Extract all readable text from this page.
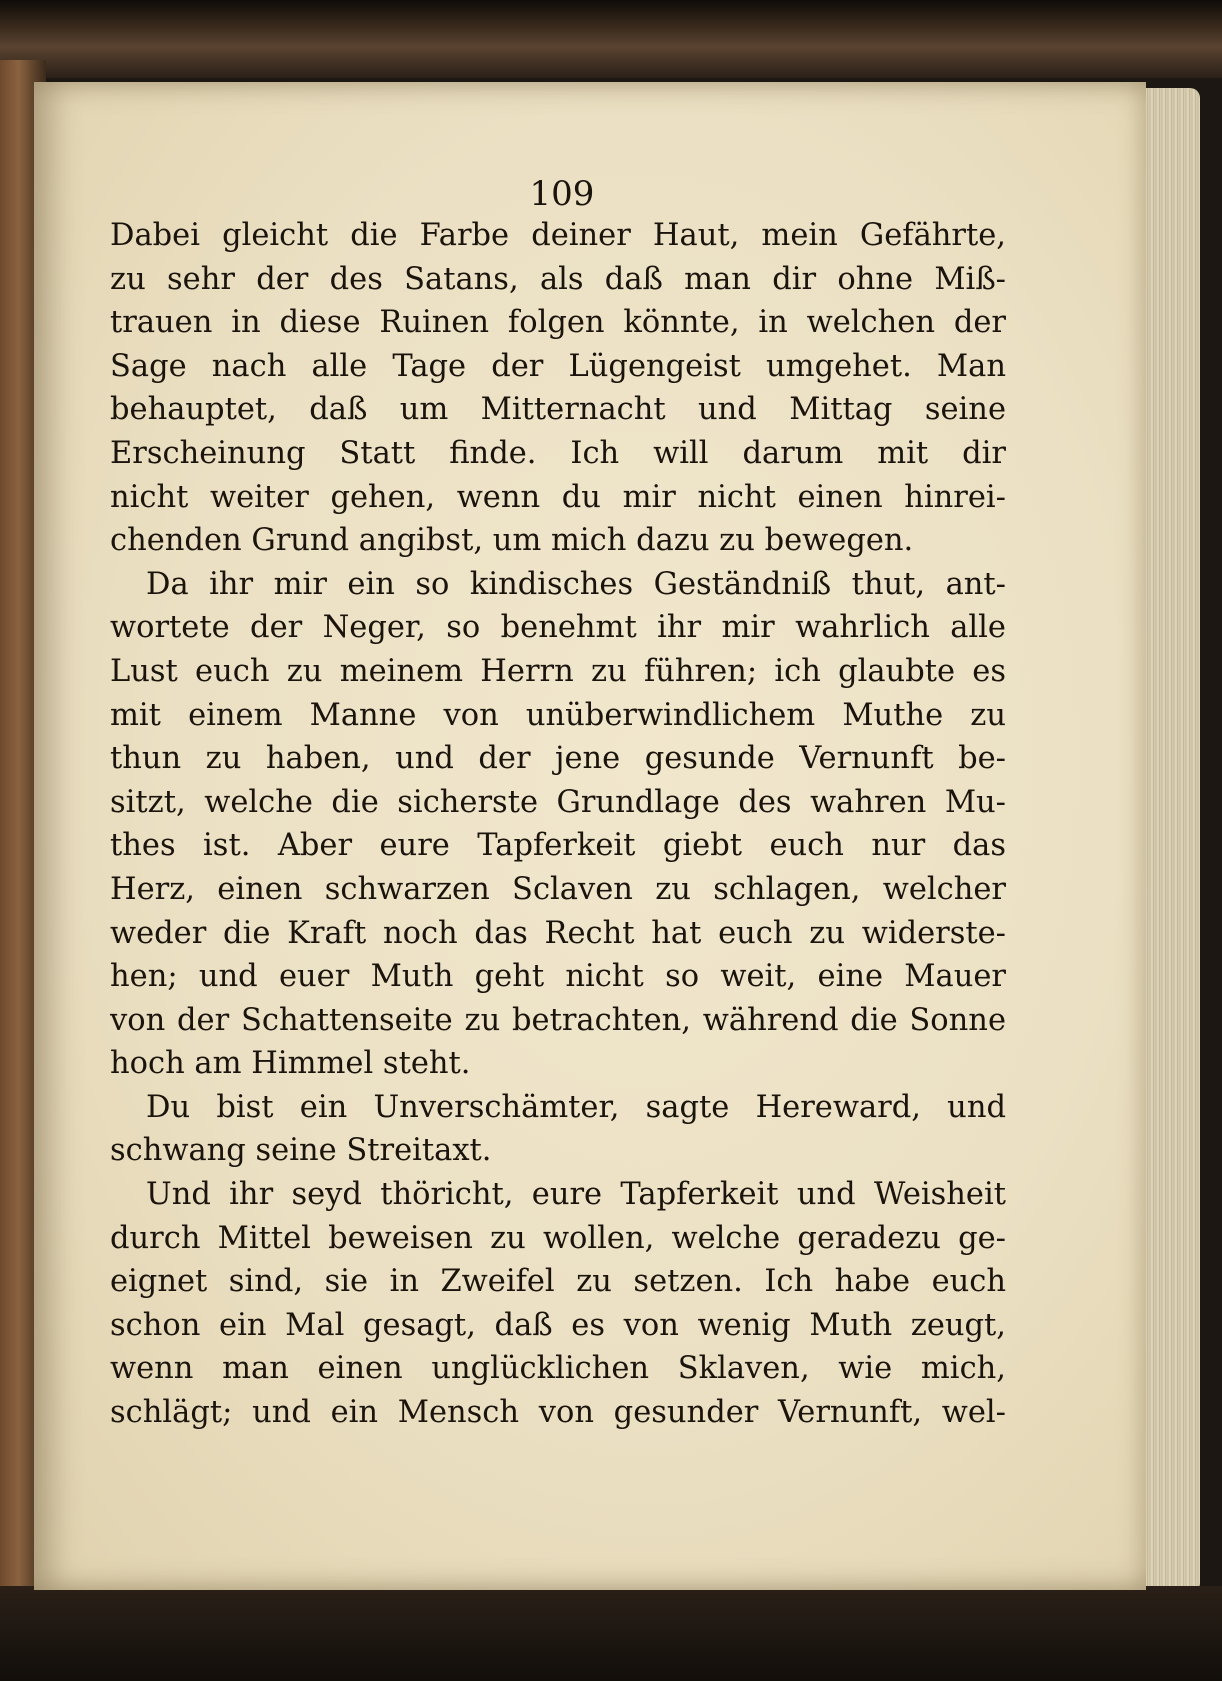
109
Dabei gleicht die Farbe deiner Haut, mein Gefährte,
zu sehr der des Satans, als daß man dir ohne Miß-
trauen in diese Ruinen folgen könnte, in welchen der
Sage nach alle Tage der Lügengeist umgehet. Man
behauptet, daß um Mitternacht und Mittag seine
Erscheinung Statt finde. Ich will darum mit dir
nicht weiter gehen, wenn du mir nicht einen hinrei-
chenden Grund angibst, um mich dazu zu bewegen.
Da ihr mir ein so kindisches Geständniß thut, ant-
wortete der Neger, so benehmt ihr mir wahrlich alle
Lust euch zu meinem Herrn zu führen; ich glaubte es
mit einem Manne von unüberwindlichem Muthe zu
thun zu haben, und der jene gesunde Vernunft be-
sitzt, welche die sicherste Grundlage des wahren Mu-
thes ist. Aber eure Tapferkeit giebt euch nur das
Herz, einen schwarzen Sclaven zu schlagen, welcher
weder die Kraft noch das Recht hat euch zu widerste-
hen; und euer Muth geht nicht so weit, eine Mauer
von der Schattenseite zu betrachten, während die Sonne
hoch am Himmel steht.
Du bist ein Unverschämter, sagte Hereward, und
schwang seine Streitaxt.
Und ihr seyd thöricht, eure Tapferkeit und Weisheit
durch Mittel beweisen zu wollen, welche geradezu ge-
eignet sind, sie in Zweifel zu setzen. Ich habe euch
schon ein Mal gesagt, daß es von wenig Muth zeugt,
wenn man einen unglücklichen Sklaven, wie mich,
schlägt; und ein Mensch von gesunder Vernunft, wel-
